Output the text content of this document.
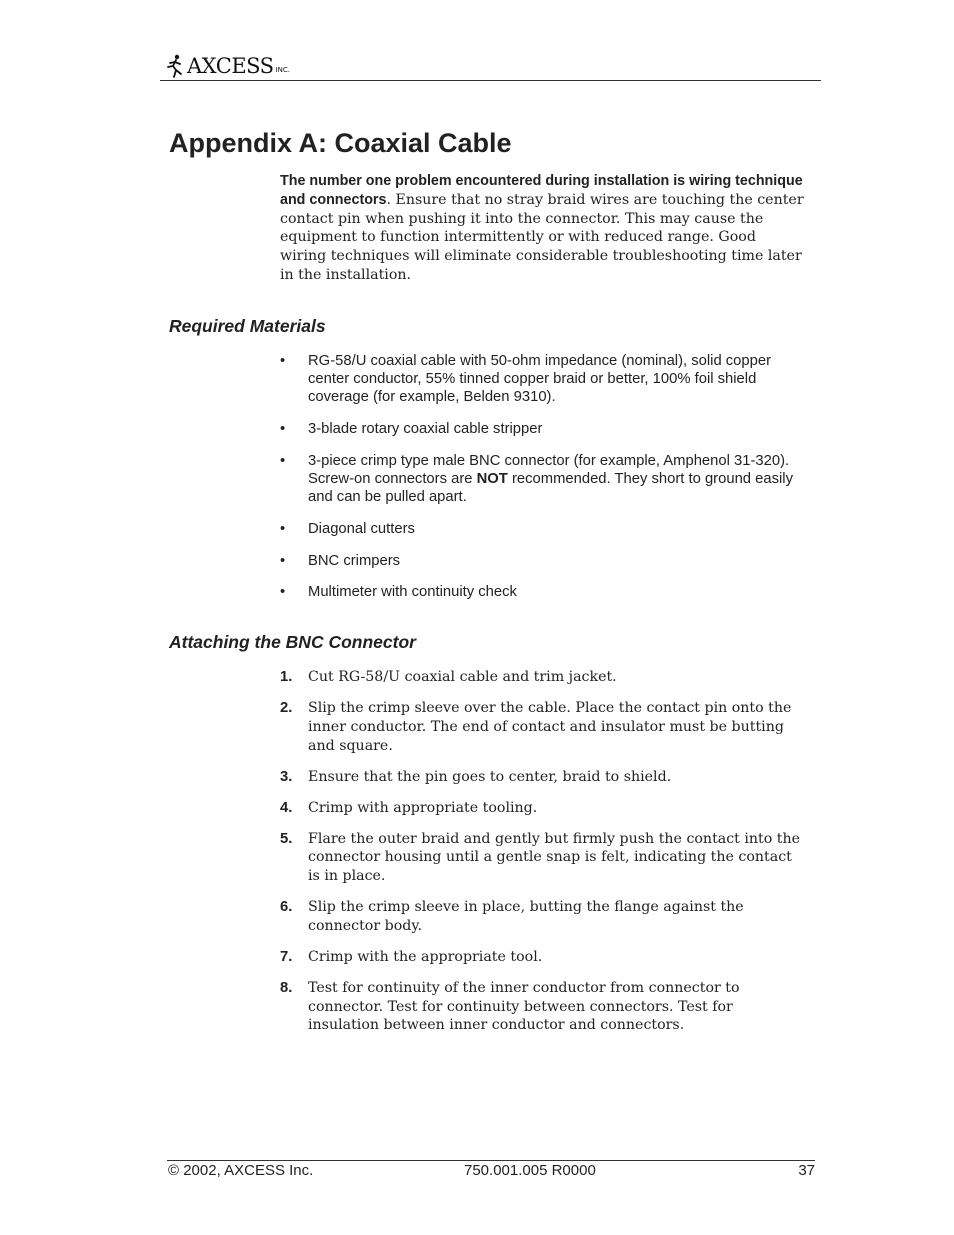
AXCESS INC.
Appendix A: Coaxial Cable

The number one problem encountered during installation is wiring technique and connectors. Ensure that no stray braid wires are touching the center contact pin when pushing it into the connector. This may cause the equipment to function intermittently or with reduced range. Good wiring techniques will eliminate considerable troubleshooting time later in the installation.

Required Materials
• RG-58/U coaxial cable with 50-ohm impedance (nominal), solid copper center conductor, 55% tinned copper braid or better, 100% foil shield coverage (for example, Belden 9310).
• 3-blade rotary coaxial cable stripper
• 3-piece crimp type male BNC connector (for example, Amphenol 31-320). Screw-on connectors are NOT recommended. They short to ground easily and can be pulled apart.
• Diagonal cutters
• BNC crimpers
• Multimeter with continuity check
Attaching the BNC Connector
1. Cut RG-58/U coaxial cable and trim jacket.
2. Slip the crimp sleeve over the cable. Place the contact pin onto the inner conductor. The end of contact and insulator must be butting and square.
3. Ensure that the pin goes to center, braid to shield.
4. Crimp with appropriate tooling.
5. Flare the outer braid and gently but firmly push the contact into the connector housing until a gentle snap is felt, indicating the contact is in place.
6. Slip the crimp sleeve in place, butting the flange against the connector body.
7. Crimp with the appropriate tool.
8. Test for continuity of the inner conductor from connector to connector. Test for continuity between connectors. Test for insulation between inner conductor and connectors.
© 2002, AXCESS Inc.	750.001.005 R0000	37
